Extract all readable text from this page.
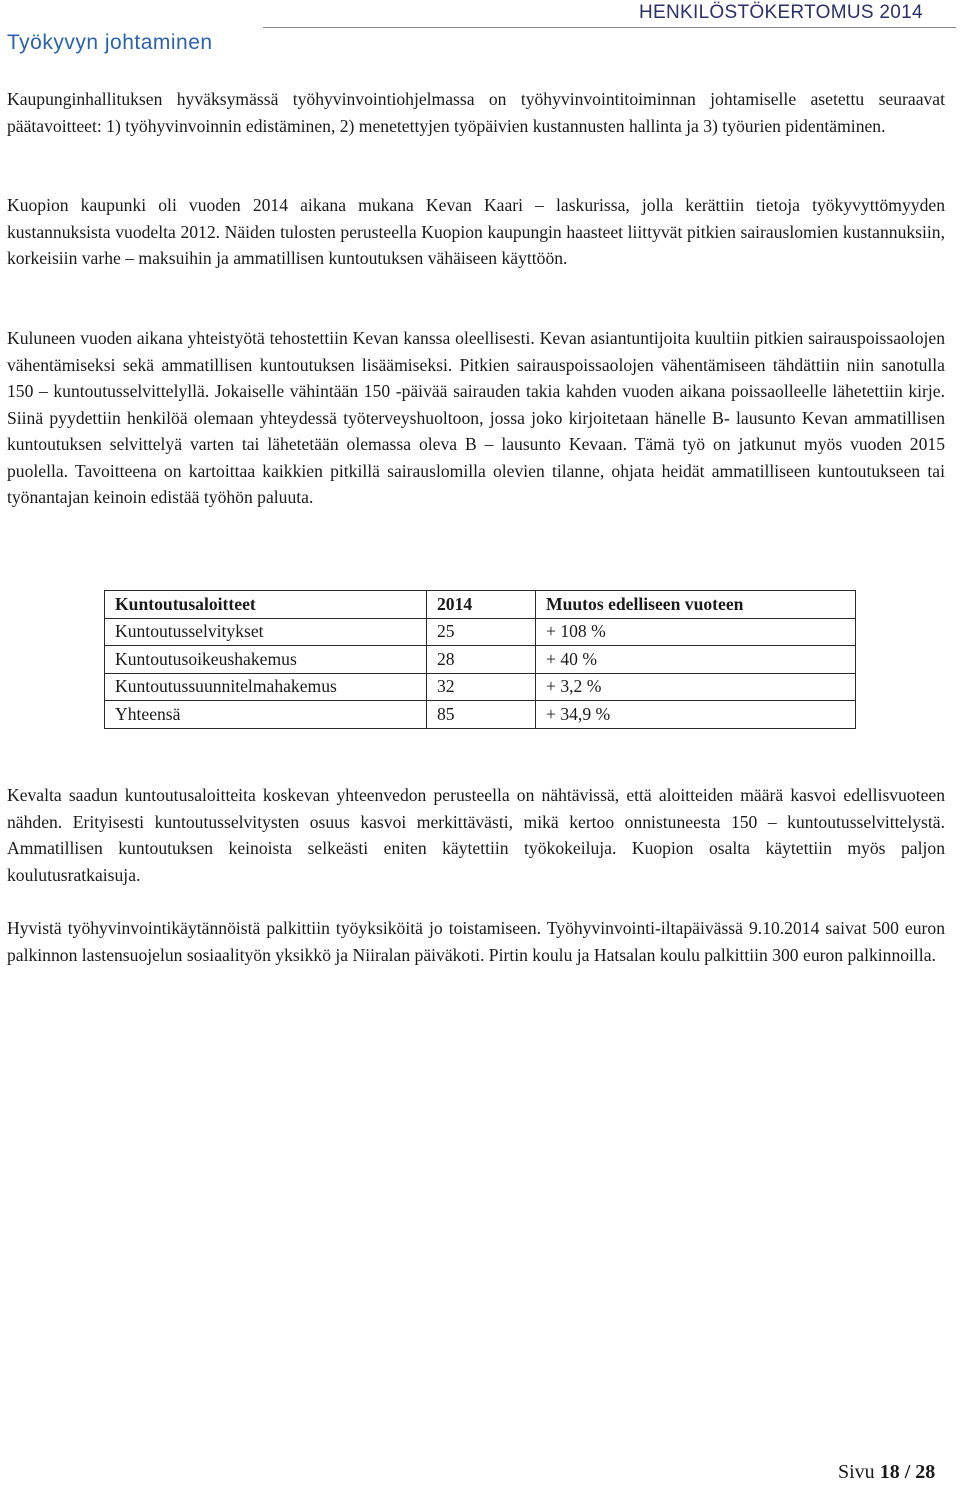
HENKILÖSTÖKERTOMUS 2014
Työkyvyn johtaminen

Kaupunginhallituksen hyväksymässä työhyvinvointiohjelmassa on työhyvinvointitoiminnan johtamiselle asetettu seuraavat päätavoitteet: 1) työhyvinvoinnin edistäminen, 2) menetettyjen työpäivien kustannusten hallinta ja 3) työurien pidentäminen.

Kuopion kaupunki oli vuoden 2014 aikana mukana Kevan Kaari – laskurissa, jolla kerättiin tietoja työkyvyttömyyden kustannuksista vuodelta 2012. Näiden tulosten perusteella Kuopion kaupungin haasteet liittyvät pitkien sairauslomien kustannuksiin, korkeisiin varhe – maksuihin ja ammatillisen kuntoutuksen vähäiseen käyttöön.

Kuluneen vuoden aikana yhteistyötä tehostettiin Kevan kanssa oleellisesti. Kevan asiantuntijoita kuultiin pitkien sairauspoissaolojen vähentämiseksi sekä ammatillisen kuntoutuksen lisäämiseksi. Pitkien sairauspoissaolojen vähentämiseen tähdättiin niin sanotulla 150 – kuntoutusselvittelyllä. Jokaiselle vähintään 150 -päivää sairauden takia kahden vuoden aikana poissaolleelle lähetettiin kirje. Siinä pyydettiin henkilöä olemaan yhteydessä työterveyshuoltoon, jossa joko kirjoitetaan hänelle B- lausunto Kevan ammatillisen kuntoutuksen selvittelyä varten tai lähetetään olemassa oleva B – lausunto Kevaan. Tämä työ on jatkunut myös vuoden 2015 puolella. Tavoitteena on kartoittaa kaikkien pitkillä sairauslomilla olevien tilanne, ohjata heidät ammatilliseen kuntoutukseen tai työnantajan keinoin edistää työhön paluuta.

Kuntoutusaloitteet	2014	Muutos edelliseen vuoteen
Kuntoutusselvitykset	25	+ 108 %
Kuntoutusoikeushakemus	28	+ 40 %
Kuntoutussuunnitelmahakemus	32	+ 3,2 %
Yhteensä	85	+ 34,9 %

Kevalta saadun kuntoutusaloitteita koskevan yhteenvedon perusteella on nähtävissä, että aloitteiden määrä kasvoi edellisvuoteen nähden. Erityisesti kuntoutusselvitysten osuus kasvoi merkittävästi, mikä kertoo onnistuneesta 150 – kuntoutusselvittelystä. Ammatillisen kuntoutuksen keinoista selkeästi eniten käytettiin työkokeiluja. Kuopion osalta käytettiin myös paljon koulutusratkaisuja.

Hyvistä työhyvinvointikäytännöistä palkittiin työyksiköitä jo toistamiseen. Työhyvinvointi-iltapäivässä 9.10.2014 saivat 500 euron palkinnon lastensuojelun sosiaalityön yksikkö ja Niiralan päiväkoti. Pirtin koulu ja Hatsalan koulu palkittiin 300 euron palkinnoilla.

Sivu 18 / 28
